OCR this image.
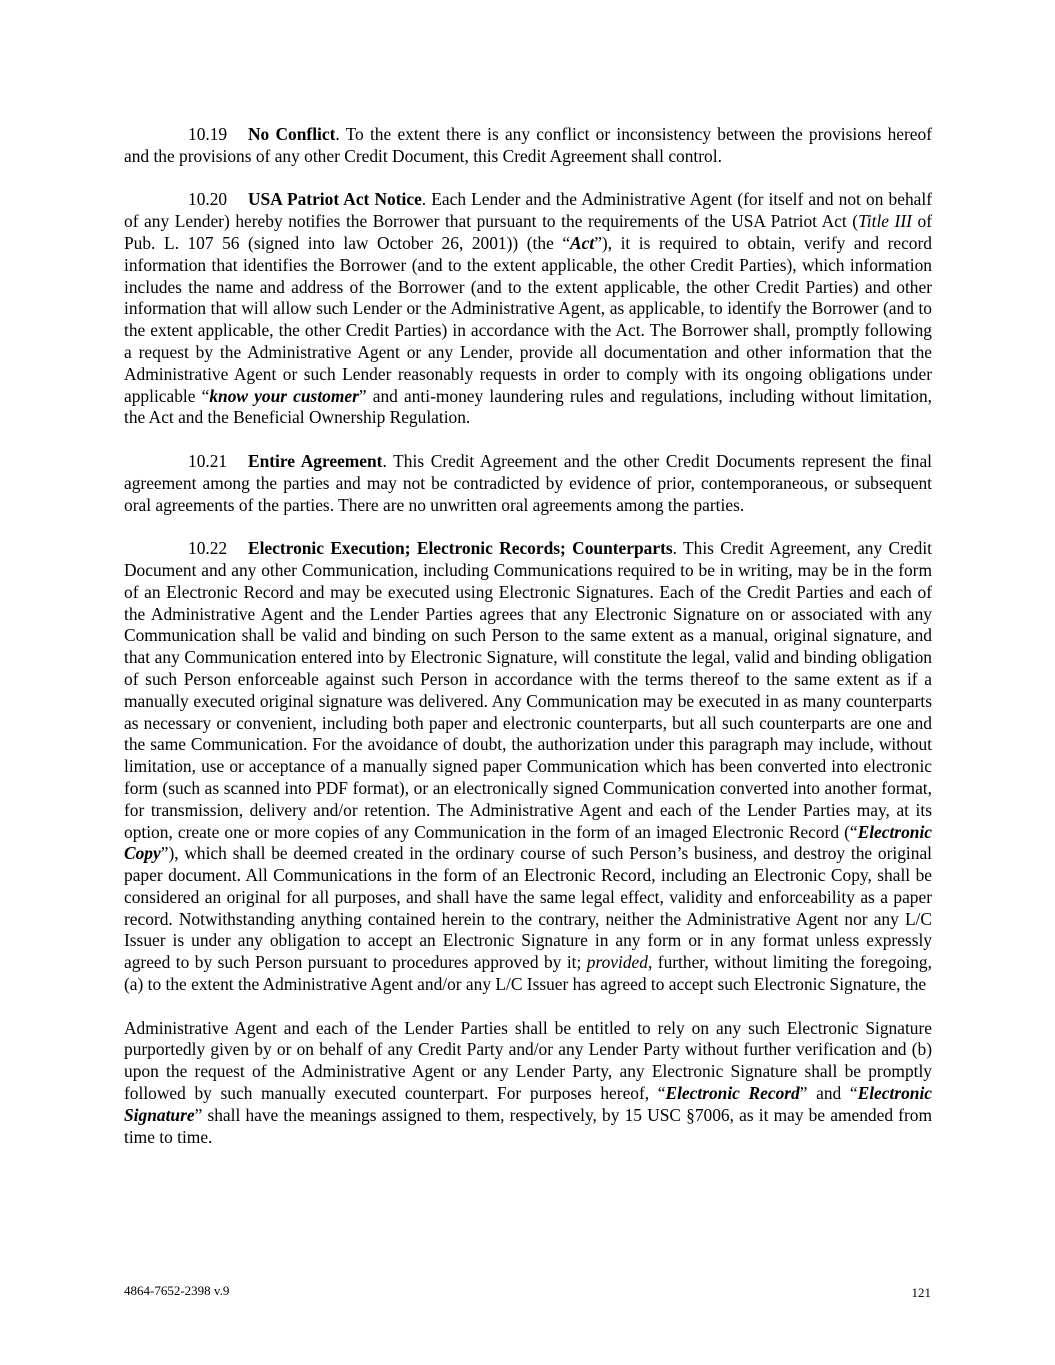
10.19 No Conflict. To the extent there is any conflict or inconsistency between the provisions hereof and the provisions of any other Credit Document, this Credit Agreement shall control.

10.20 USA Patriot Act Notice. Each Lender and the Administrative Agent (for itself and not on behalf of any Lender) hereby notifies the Borrower that pursuant to the requirements of the USA Patriot Act (Title III of Pub. L. 107 56 (signed into law October 26, 2001)) (the “Act”), it is required to obtain, verify and record information that identifies the Borrower (and to the extent applicable, the other Credit Parties), which information includes the name and address of the Borrower (and to the extent applicable, the other Credit Parties) and other information that will allow such Lender or the Administrative Agent, as applicable, to identify the Borrower (and to the extent applicable, the other Credit Parties) in accordance with the Act. The Borrower shall, promptly following a request by the Administrative Agent or any Lender, provide all documentation and other information that the Administrative Agent or such Lender reasonably requests in order to comply with its ongoing obligations under applicable “know your customer” and anti-money laundering rules and regulations, including without limitation, the Act and the Beneficial Ownership Regulation.

10.21 Entire Agreement. This Credit Agreement and the other Credit Documents represent the final agreement among the parties and may not be contradicted by evidence of prior, contemporaneous, or subsequent oral agreements of the parties. There are no unwritten oral agreements among the parties.

10.22 Electronic Execution; Electronic Records; Counterparts. This Credit Agreement, any Credit Document and any other Communication, including Communications required to be in writing, may be in the form of an Electronic Record and may be executed using Electronic Signatures. Each of the Credit Parties and each of the Administrative Agent and the Lender Parties agrees that any Electronic Signature on or associated with any Communication shall be valid and binding on such Person to the same extent as a manual, original signature, and that any Communication entered into by Electronic Signature, will constitute the legal, valid and binding obligation of such Person enforceable against such Person in accordance with the terms thereof to the same extent as if a manually executed original signature was delivered. Any Communication may be executed in as many counterparts as necessary or convenient, including both paper and electronic counterparts, but all such counterparts are one and the same Communication. For the avoidance of doubt, the authorization under this paragraph may include, without limitation, use or acceptance of a manually signed paper Communication which has been converted into electronic form (such as scanned into PDF format), or an electronically signed Communication converted into another format, for transmission, delivery and/or retention. The Administrative Agent and each of the Lender Parties may, at its option, create one or more copies of any Communication in the form of an imaged Electronic Record (“Electronic Copy”), which shall be deemed created in the ordinary course of such Person’s business, and destroy the original paper document. All Communications in the form of an Electronic Record, including an Electronic Copy, shall be considered an original for all purposes, and shall have the same legal effect, validity and enforceability as a paper record. Notwithstanding anything contained herein to the contrary, neither the Administrative Agent nor any L/C Issuer is under any obligation to accept an Electronic Signature in any form or in any format unless expressly agreed to by such Person pursuant to procedures approved by it; provided, further, without limiting the foregoing, (a) to the extent the Administrative Agent and/or any L/C Issuer has agreed to accept such Electronic Signature, the

Administrative Agent and each of the Lender Parties shall be entitled to rely on any such Electronic Signature purportedly given by or on behalf of any Credit Party and/or any Lender Party without further verification and (b) upon the request of the Administrative Agent or any Lender Party, any Electronic Signature shall be promptly followed by such manually executed counterpart. For purposes hereof, “Electronic Record” and “Electronic Signature” shall have the meanings assigned to them, respectively, by 15 USC §7006, as it may be amended from time to time.

4864-7652-2398 v.9	121
